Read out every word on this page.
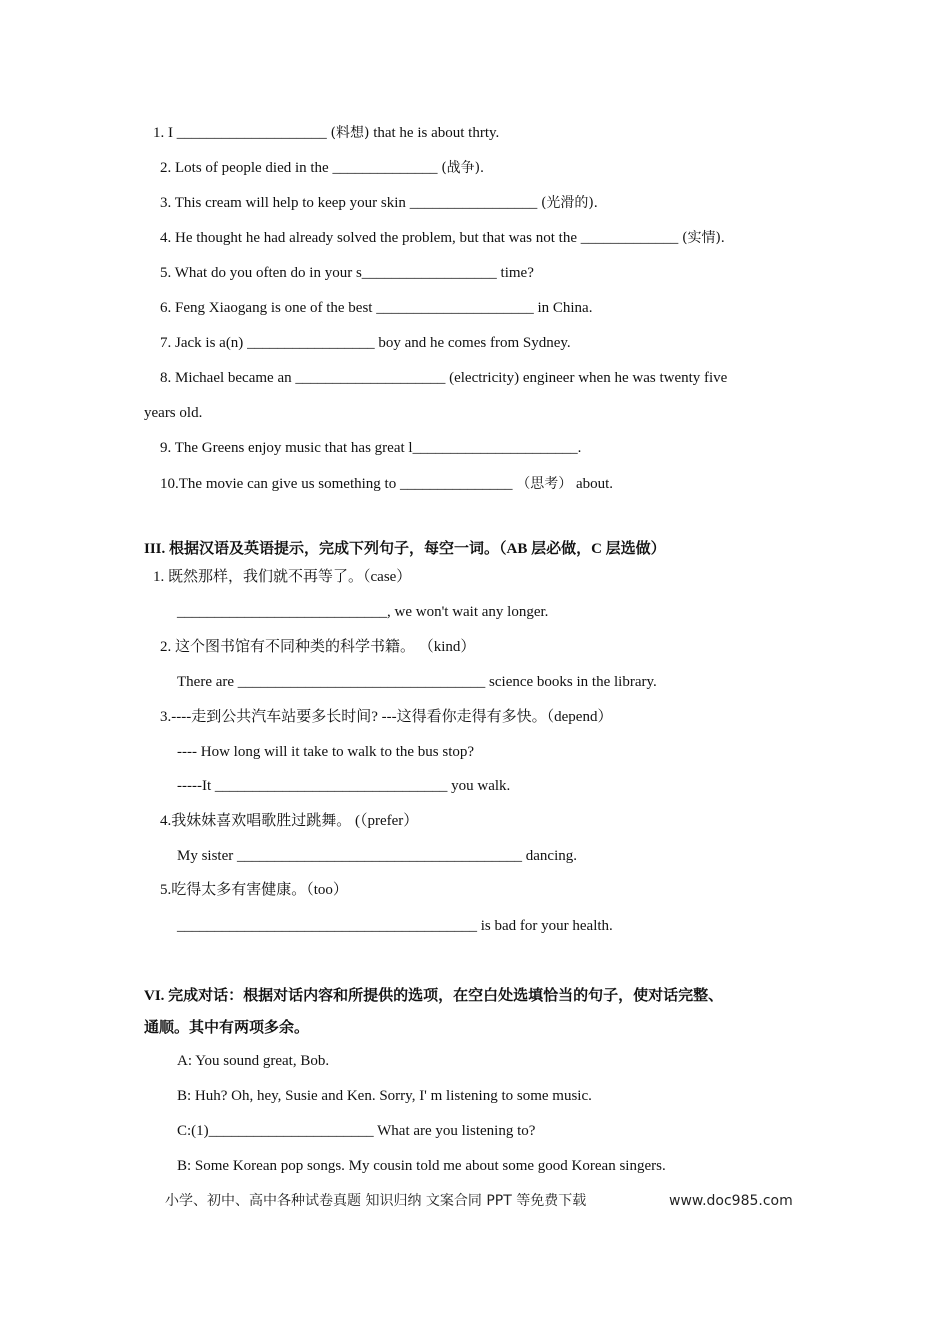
1. I ____________________ (料想) that he is about thrty.
2. Lots of people died in the ______________ (战争).
3. This cream will help to keep your skin _________________ (光滑的).
4. He thought he had already solved the problem, but that was not the _____________ (实情).
5. What do you often do in your s__________________ time?
6. Feng Xiaogang is one of the best _____________________ in China.
7. Jack is a(n) _________________ boy and he comes from Sydney.
8. Michael became an ____________________ (electricity) engineer when he was twenty five
years old.
9. The Greens enjoy music that has great l______________________.
10.The movie can give us something to _______________ （思考） about.
III. 根据汉语及英语提示，完成下列句子，每空一词。（AB 层必做，C 层选做）
1. 既然那样，我们就不再等了。（case）
____________________________, we won't wait any longer.
2. 这个图书馆有不同种类的科学书籍。 （kind）
There are _________________________________ science books in the library.
3.----走到公共汽车站要多长时间? ---这得看你走得有多快。（depend）
---- How long will it take to walk to the bus stop?
-----It _______________________________ you walk.
4.我妹妹喜欢唱歌胜过跳舞。 (（prefer）
My sister ______________________________________ dancing.
5.吃得太多有害健康。（too）
________________________________________ is bad for your health.
VI. 完成对话：根据对话内容和所提供的选项，在空白处选填恰当的句子，使对话完整、
通顺。其中有两项多余。
A: You sound great, Bob.
B: Huh? Oh, hey, Susie and Ken. Sorry, I' m listening to some music.
C:(1)______________________ What are you listening to?
B: Some Korean pop songs. My cousin told me about some good Korean singers.
小学、初中、高中各种试卷真题 知识归纳 文案合同 PPT 等免费下载	www.doc985.com
